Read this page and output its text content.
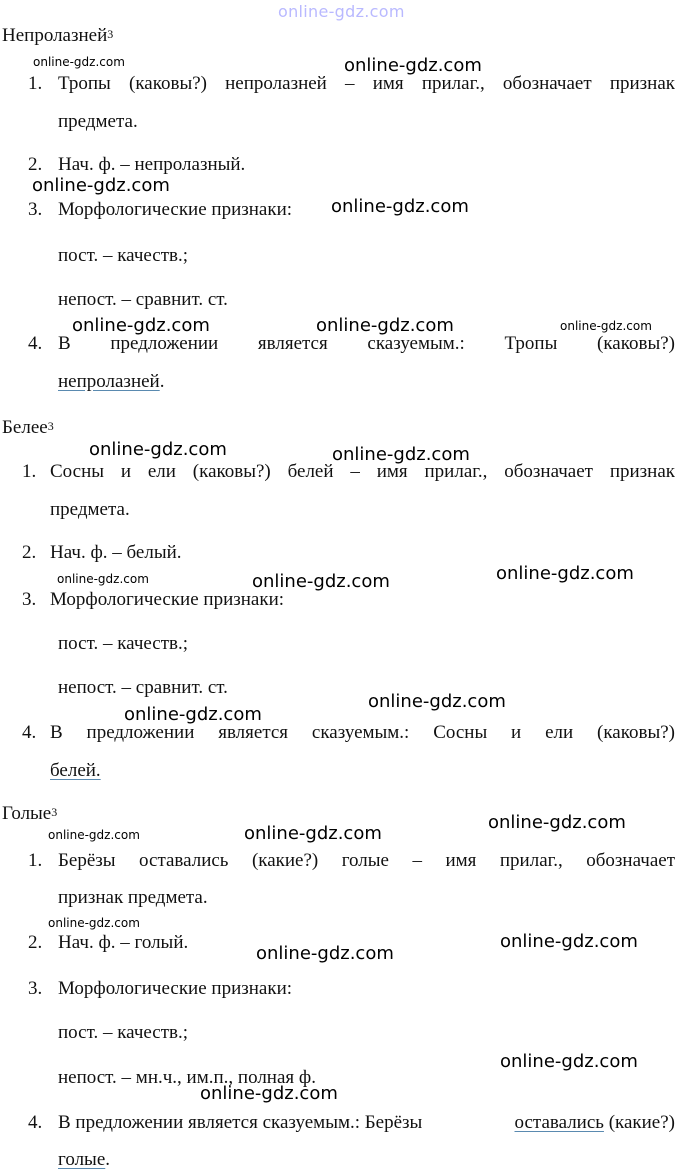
online-gdz.com
Непролазней$^3$
1. Тропы (каковы?) непролазней – имя прилаг., обозначает признак
предмета.
2. Нач. ф. – непролазный.
3. Морфологические признаки:
пост. – качеств.;
непост. – сравнит. ст.
4. В предложении является сказуемым.: Тропы (каковы?)
непролазней.
Белее$^3$
1. Сосны и ели (каковы?) белей – имя прилаг., обозначает признак
предмета.
2. Нач. ф. – белый.
3. Морфологические признаки:
пост. – качеств.;
непост. – сравнит. ст.
4. В предложении является сказуемым.: Сосны и ели (каковы?)
белей.
Голые$^3$
1. Берёзы оставались (какие?) голые – имя прилаг., обозначает
признак предмета.
2. Нач. ф. – голый.
3. Морфологические признаки:
пост. – качеств.;
непост. – мн.ч., им.п., полная ф.
4. В предложении является сказуемым.: Берёзы	оставались (какие?)
голые.
online-gdz.com
online-gdz.com
online-gdz.com
online-gdz.com
online-gdz.com	online-gdz.com	online-gdz.com
online-gdz.com	online-gdz.com
online-gdz.com	online-gdz.com	online-gdz.com
online-gdz.com
online-gdz.com
online-gdz.com
online-gdz.com	online-gdz.com
online-gdz.com
online-gdz.com
online-gdz.com
online-gdz.com
online-gdz.com
